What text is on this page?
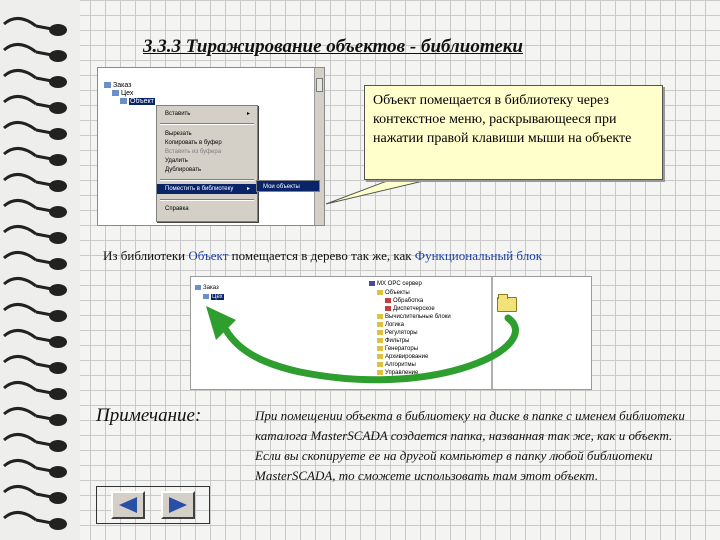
3.3.3 Тиражирование объектов - библиотеки
Заказ
Цех
Объект
Вставить	▸
Вырезать
Копировать в буфер
Вставить из буфера
Удалить
Дублировать
Поместить в библиотеку	▸
Справка
Мои объекты
Объект помещается в библиотеку через контекстное меню, раскрывающееся при нажатии правой клавиши мыши на объекте

Из библиотеки Объект помещается в дерево так же, как Функциональный блок

Заказ
Цех
MX OPC сервер
Объекты
Обработка
Диспетчерское
Вычислительные блоки
Логика
Регуляторы
Фильтры
Генераторы
Архивирование
Алгоритмы
Управление

Примечание:	При помещении объекта в библиотеку на диске в папке с именем библиотеки каталога MasterSCADA создается папка, названная так же, как и объект. Если вы скопируете ее на другой компьютер в папку любой библиотеки MasterSCADA, то сможете использовать там этот объект.
